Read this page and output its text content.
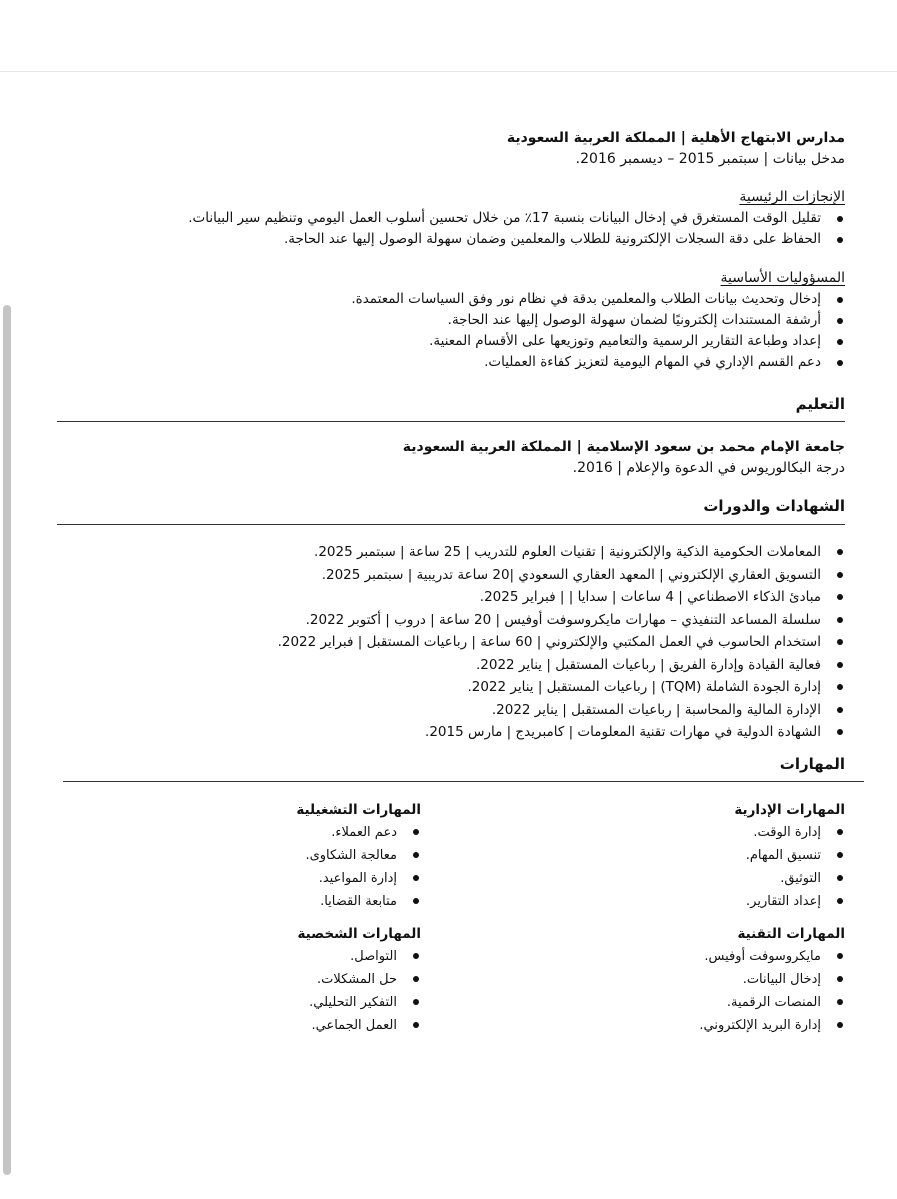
مدارس الابتهاج الأهلية | المملكة العربية السعودية

مدخل بيانات | سبتمبر 2015 – ديسمبر 2016.

الإنجازات الرئيسية

تقليل الوقت المستغرق في إدخال البيانات بنسبة 17٪ من خلال تحسين أسلوب العمل اليومي وتنظيم سير البيانات.
الحفاظ على دقة السجلات الإلكترونية للطلاب والمعلمين وضمان سهولة الوصول إليها عند الحاجة.

المسؤوليات الأساسية

إدخال وتحديث بيانات الطلاب والمعلمين بدقة في نظام نور وفق السياسات المعتمدة.
أرشفة المستندات إلكترونيًا لضمان سهولة الوصول إليها عند الحاجة.
إعداد وطباعة التقارير الرسمية والتعاميم وتوزيعها على الأقسام المعنية.
دعم القسم الإداري في المهام اليومية لتعزيز كفاءة العمليات.
التعليم

جامعة الإمام محمد بن سعود الإسلامية | المملكة العربية السعودية

درجة البكالوريوس في الدعوة والإعلام | 2016.

الشهادات والدورات
المعاملات الحكومية الذكية والإلكترونية | تقنيات العلوم للتدريب | 25 ساعة | سبتمبر 2025.
التسويق العقاري الإلكتروني | المعهد العقاري السعودي |20 ساعة تدريبية | سبتمبر 2025.
مبادئ الذكاء الاصطناعي | 4 ساعات | سدايا | | فبراير 2025.
سلسلة المساعد التنفيذي – مهارات مايكروسوفت أوفيس | 20 ساعة | دروب | أكتوبر 2022.
استخدام الحاسوب في العمل المكتبي والإلكتروني | 60 ساعة | رباعيات المستقبل | فبراير 2022.
فعالية القيادة وإدارة الفريق | رباعيات المستقبل | يناير 2022.
إدارة الجودة الشاملة (TQM) | رباعيات المستقبل | يناير 2022.
الإدارة المالية والمحاسبة | رباعيات المستقبل | يناير 2022.
الشهادة الدولية في مهارات تقنية المعلومات | كامبريدج | مارس 2015.
المهارات
المهارات الإدارية
إدارة الوقت.
تنسيق المهام.
التوثيق.
إعداد التقارير.
المهارات التشغيلية
دعم العملاء.
معالجة الشكاوى.
إدارة المواعيد.
متابعة القضايا.
المهارات التقنية
مايكروسوفت أوفيس.
إدخال البيانات.
المنصات الرقمية.
إدارة البريد الإلكتروني.
المهارات الشخصية
التواصل.
حل المشكلات.
التفكير التحليلي.
العمل الجماعي.
